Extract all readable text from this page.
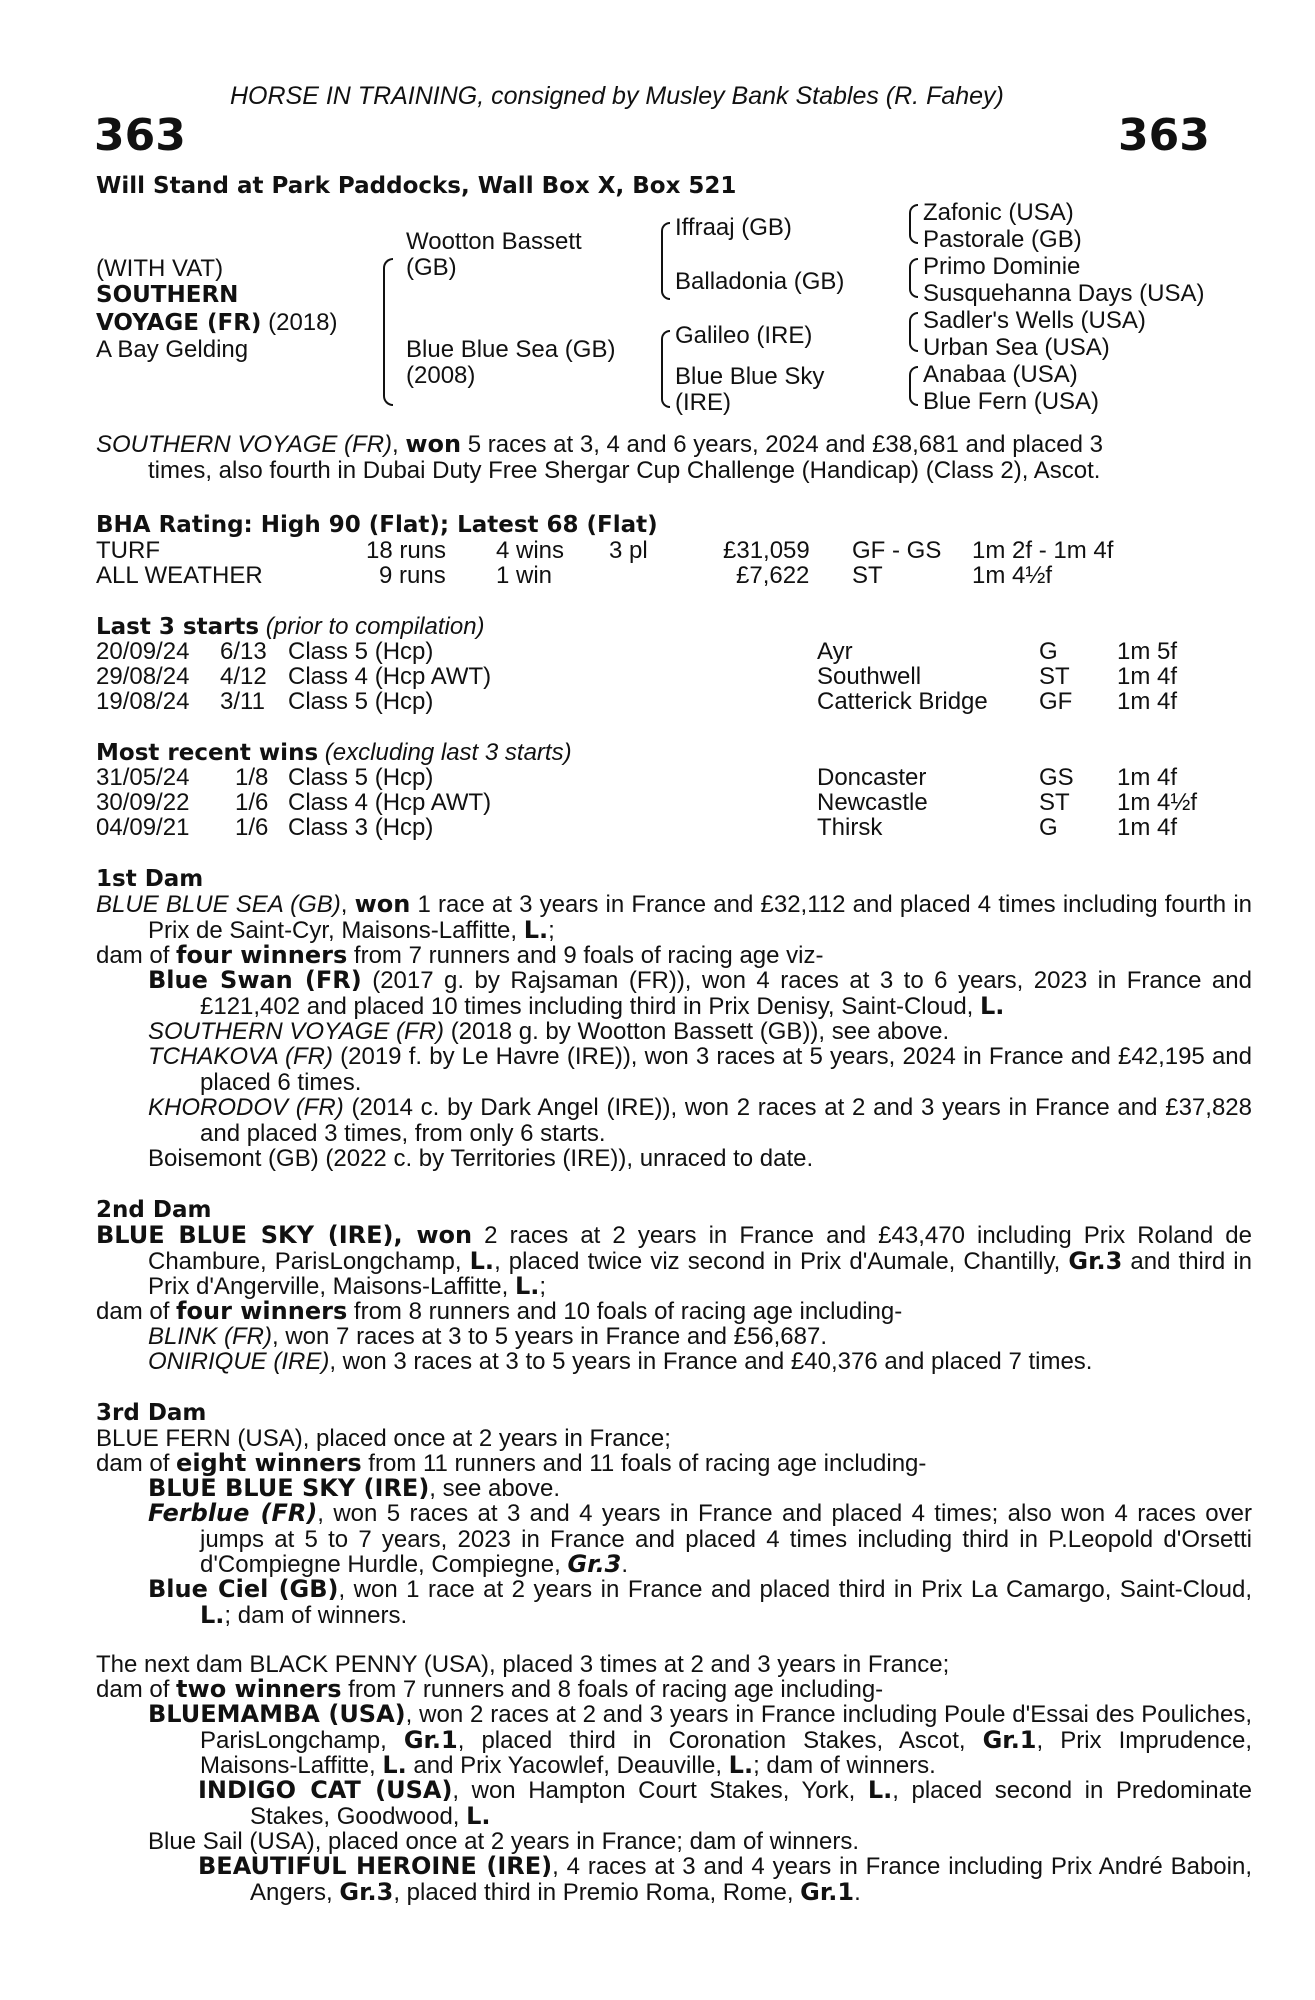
HORSE IN TRAINING, consigned by Musley Bank Stables (R. Fahey)
363	363
Will Stand at Park Paddocks, Wall Box X, Box 521
(WITH VAT)
SOUTHERN
VOYAGE (FR) (2018)
A Bay Gelding
Wootton Bassett
(GB)
Blue Blue Sea (GB)
(2008)
Iffraaj (GB)
Balladonia (GB)
Galileo (IRE)
Blue Blue Sky
(IRE)
Zafonic (USA)
Pastorale (GB)
Primo Dominie
Susquehanna Days (USA)
Sadler's Wells (USA)
Urban Sea (USA)
Anabaa (USA)
Blue Fern (USA)
SOUTHERN VOYAGE (FR), won 5 races at 3, 4 and 6 years, 2024 and £38,681 and placed 3
times, also fourth in Dubai Duty Free Shergar Cup Challenge (Handicap) (Class 2), Ascot.
BHA Rating: High 90 (Flat); Latest 68 (Flat)
TURF	18 runs 4 wins 3 pl	£31,059 GF - GS 1m 2f - 1m 4f
ALL WEATHER	9 runs 1 win	£7,622 ST	1m 4½f
Last 3 starts (prior to compilation)
20/09/24 6/13 Class 5 (Hcp)	Ayr	G 1m 5f
29/08/24 4/12 Class 4 (Hcp AWT)	Southwell	ST 1m 4f
19/08/24 3/11 Class 5 (Hcp)	Catterick Bridge GF 1m 4f
Most recent wins (excluding last 3 starts)
31/05/24 1/8 Class 5 (Hcp)	Doncaster	GS 1m 4f
30/09/22 1/6 Class 4 (Hcp AWT)	Newcastle	ST 1m 4½f
04/09/21 1/6 Class 3 (Hcp)	Thirsk	G 1m 4f
1st Dam
BLUE BLUE SEA (GB), won 1 race at 3 years in France and £32,112 and placed 4 times including fourth in Prix de Saint-Cyr, Maisons-Laffitte, L.;
dam of four winners from 7 runners and 9 foals of racing age viz-
Blue Swan (FR) (2017 g. by Rajsaman (FR)), won 4 races at 3 to 6 years, 2023 in France and £121,402 and placed 10 times including third in Prix Denisy, Saint-Cloud, L.
SOUTHERN VOYAGE (FR) (2018 g. by Wootton Bassett (GB)), see above.
TCHAKOVA (FR) (2019 f. by Le Havre (IRE)), won 3 races at 5 years, 2024 in France and £42,195 and placed 6 times.
KHORODOV (FR) (2014 c. by Dark Angel (IRE)), won 2 races at 2 and 3 years in France and £37,828 and placed 3 times, from only 6 starts.
Boisemont (GB) (2022 c. by Territories (IRE)), unraced to date.
2nd Dam
BLUE BLUE SKY (IRE), won 2 races at 2 years in France and £43,470 including Prix Roland de Chambure, ParisLongchamp, L., placed twice viz second in Prix d'Aumale, Chantilly, Gr.3 and third in Prix d'Angerville, Maisons-Laffitte, L.;
dam of four winners from 8 runners and 10 foals of racing age including-
BLINK (FR), won 7 races at 3 to 5 years in France and £56,687.
ONIRIQUE (IRE), won 3 races at 3 to 5 years in France and £40,376 and placed 7 times.
3rd Dam
BLUE FERN (USA), placed once at 2 years in France;
dam of eight winners from 11 runners and 11 foals of racing age including-
BLUE BLUE SKY (IRE), see above.
Ferblue (FR), won 5 races at 3 and 4 years in France and placed 4 times; also won 4 races over jumps at 5 to 7 years, 2023 in France and placed 4 times including third in P.Leopold d'Orsetti d'Compiegne Hurdle, Compiegne, Gr.3.
Blue Ciel (GB), won 1 race at 2 years in France and placed third in Prix La Camargo, Saint-Cloud, L.; dam of winners.
The next dam BLACK PENNY (USA), placed 3 times at 2 and 3 years in France;
dam of two winners from 7 runners and 8 foals of racing age including-
BLUEMAMBA (USA), won 2 races at 2 and 3 years in France including Poule d'Essai des Pouliches, ParisLongchamp, Gr.1, placed third in Coronation Stakes, Ascot, Gr.1, Prix Imprudence, Maisons-Laffitte, L. and Prix Yacowlef, Deauville, L.; dam of winners.
INDIGO CAT (USA), won Hampton Court Stakes, York, L., placed second in Predominate Stakes, Goodwood, L.
Blue Sail (USA), placed once at 2 years in France; dam of winners.
BEAUTIFUL HEROINE (IRE), 4 races at 3 and 4 years in France including Prix André Baboin, Angers, Gr.3, placed third in Premio Roma, Rome, Gr.1.
